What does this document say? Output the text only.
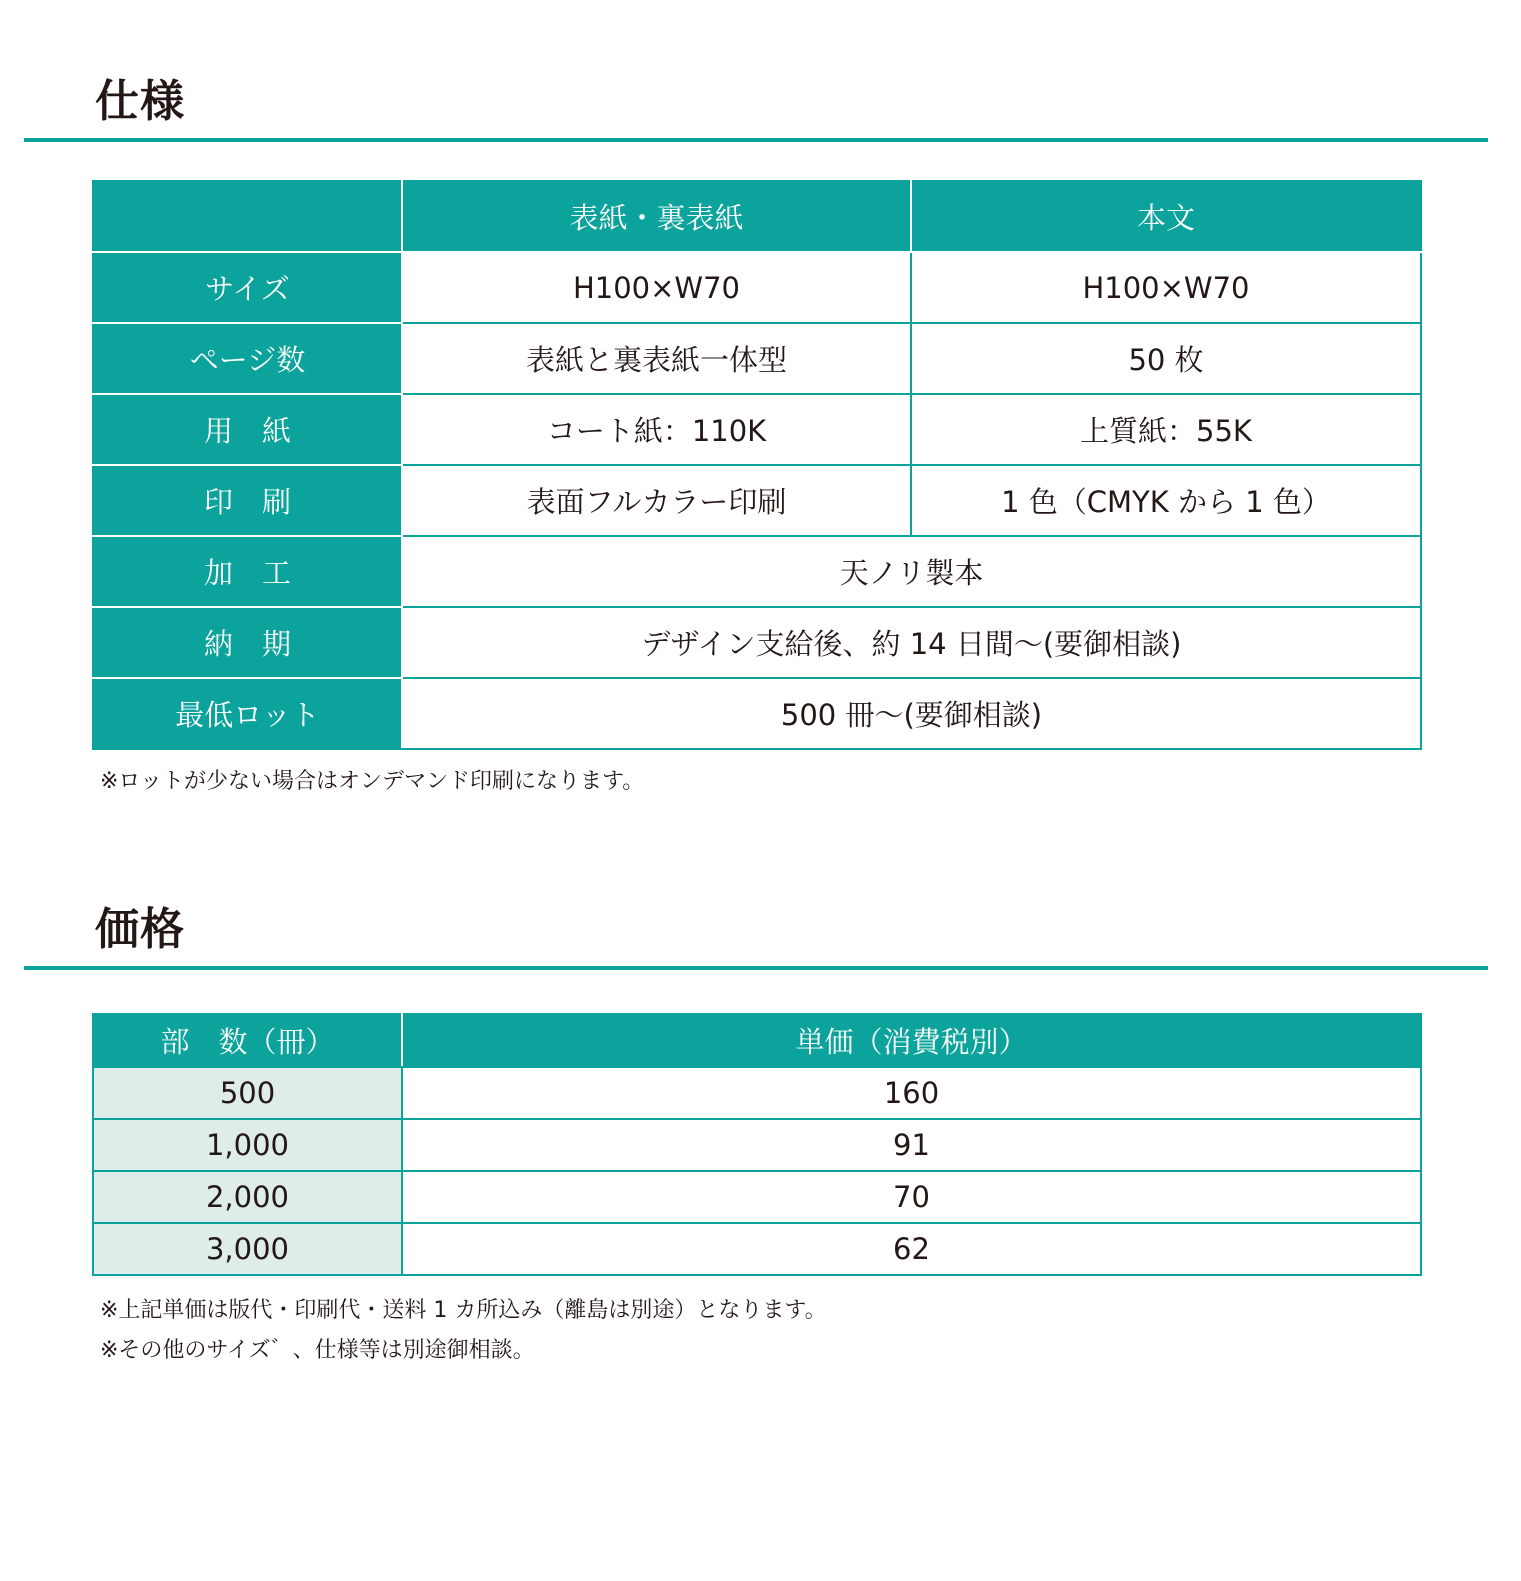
仕様
	表紙・裏表紙	本文
サイズ	H100×W70	H100×W70
ページ数	表紙と裏表紙一体型	50 枚
用　紙	コート紙：110K	上質紙：55K
印　刷	表面フルカラー印刷	1 色（CMYK から 1 色）
加　工	天ノリ製本	
納　期	デザイン支給後、約 14 日間～(要御相談)	
最低ロット	500 冊～(要御相談)	

※ロットが少ない場合はオンデマンド印刷になります。

価格
部　数（冊）	単価（消費税別）
500	160
1,000	91
2,000	70
3,000	62

※上記単価は版代・印刷代・送料 1 カ所込み（離島は別途）となります。

※その他のサイズ゛、仕様等は別途御相談。
